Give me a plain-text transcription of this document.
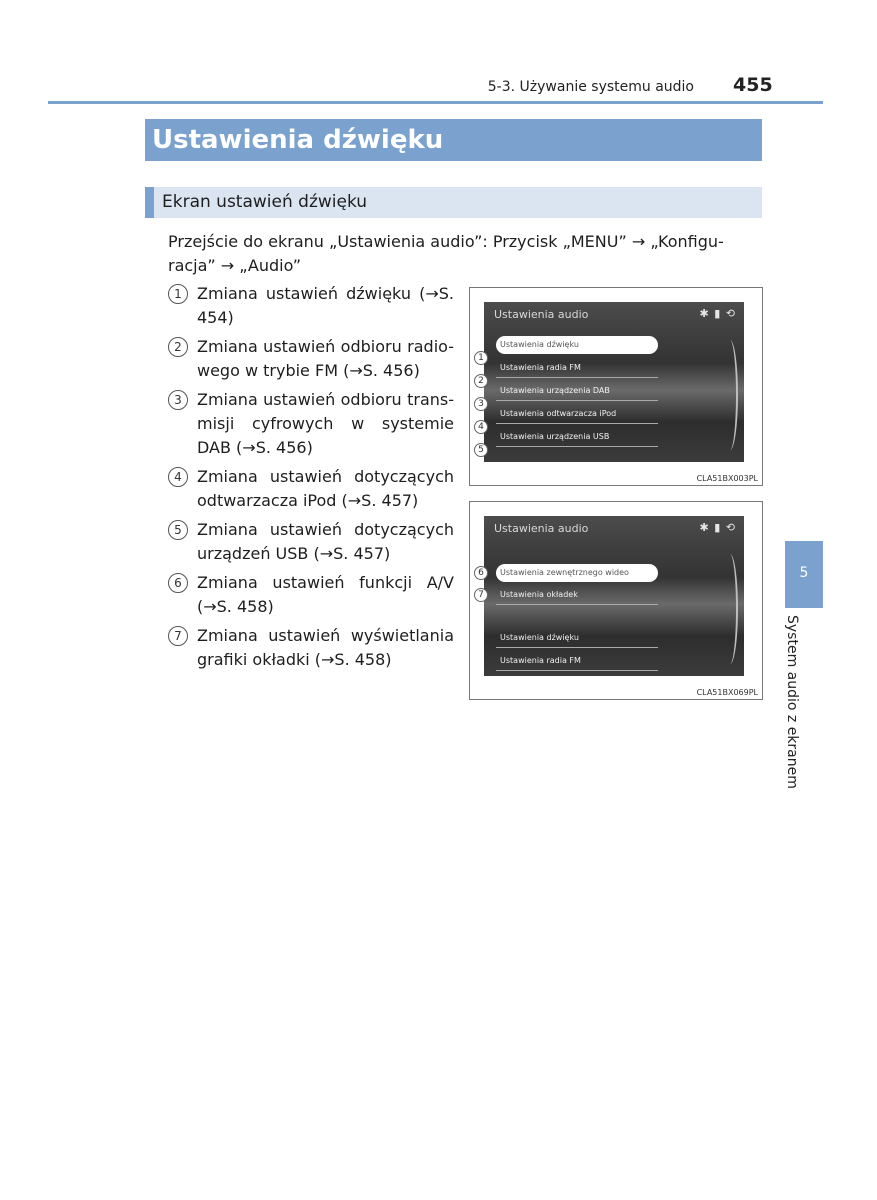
5-3. Używanie systemu audio 455
Ustawienia dźwięku
Ekran ustawień dźwięku
Przejście do ekranu „Ustawienia audio”: Przycisk „MENU” → „Konfigu-racja” → „Audio”
1 Zmiana ustawień dźwięku (→S. 454)
2 Zmiana ustawień odbioru radio-wego w trybie FM (→S. 456)
3 Zmiana ustawień odbioru trans-misji cyfrowych w systemie DAB (→S. 456)
4 Zmiana ustawień dotyczących odtwarzacza iPod (→S. 457)
5 Zmiana ustawień dotyczących urządzeń USB (→S. 457)
6 Zmiana ustawień funkcji A/V (→S. 458)
7 Zmiana ustawień wyświetlania grafiki okładki (→S. 458)
Ustawienia audio	✱ ▮ ⟲
Ustawienia dźwięku
Ustawienia radia FM
Ustawienia urządzenia DAB
Ustawienia odtwarzacza iPod
Ustawienia urządzenia USB
1
2
3
4
5
CLA51BX003PL
Ustawienia audio	✱ ▮ ⟲
Ustawienia zewnętrznego wideo
Ustawienia okładek
Ustawienia dźwięku
Ustawienia radia FM
6
7
CLA51BX069PL
5
System audio z ekranem
